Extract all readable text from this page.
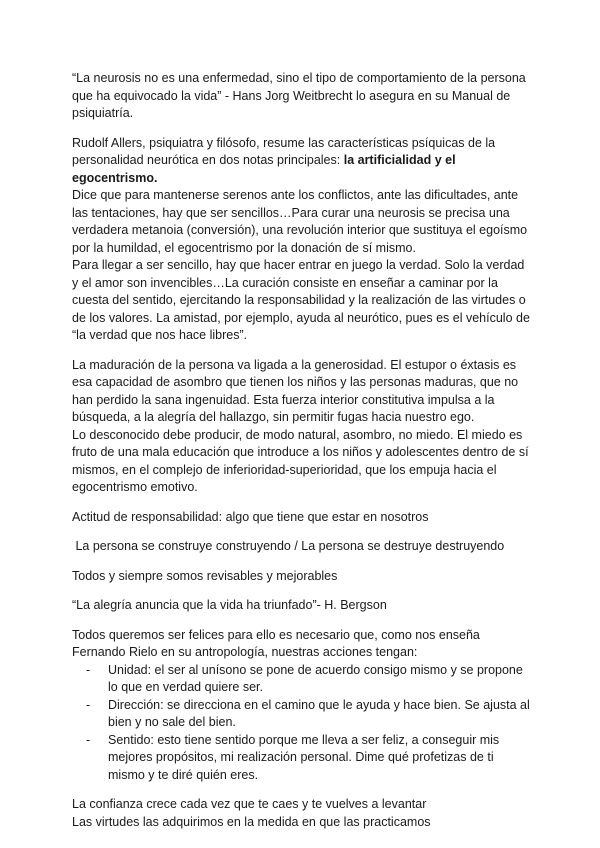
“La neurosis no es una enfermedad, sino el tipo de comportamiento de la persona que ha equivocado la vida” - Hans Jorg Weitbrecht lo asegura en su Manual de psiquiatría.

Rudolf Allers, psiquiatra y filósofo, resume las características psíquicas de la personalidad neurótica en dos notas principales: la artificialidad y el egocentrismo.

Dice que para mantenerse serenos ante los conflictos, ante las dificultades, ante las tentaciones, hay que ser sencillos…Para curar una neurosis se precisa una verdadera metanoia (conversión), una revolución interior que sustituya el egoísmo por la humildad, el egocentrismo por la donación de sí mismo.

Para llegar a ser sencillo, hay que hacer entrar en juego la verdad. Solo la verdad y el amor son invencibles…La curación consiste en enseñar a caminar por la cuesta del sentido, ejercitando la responsabilidad y la realización de las virtudes o de los valores. La amistad, por ejemplo, ayuda al neurótico, pues es el vehículo de “la verdad que nos hace libres”.

La maduración de la persona va ligada a la generosidad. El estupor o éxtasis es esa capacidad de asombro que tienen los niños y las personas maduras, que no han perdido la sana ingenuidad. Esta fuerza interior constitutiva impulsa a la búsqueda, a la alegría del hallazgo, sin permitir fugas hacia nuestro ego.

Lo desconocido debe producir, de modo natural, asombro, no miedo. El miedo es fruto de una mala educación que introduce a los niños y adolescentes dentro de sí mismos, en el complejo de inferioridad-superioridad, que los empuja hacia el egocentrismo emotivo.

Actitud de responsabilidad: algo que tiene que estar en nosotros

La persona se construye construyendo / La persona se destruye destruyendo

Todos y siempre somos revisables y mejorables

“La alegría anuncia que la vida ha triunfado”- H. Bergson

Todos queremos ser felices para ello es necesario que, como nos enseña Fernando Rielo en su antropología, nuestras acciones tengan:

- Unidad: el ser al unísono se pone de acuerdo consigo mismo y se propone lo que en verdad quiere ser.
- Dirección: se direcciona en el camino que le ayuda y hace bien. Se ajusta al bien y no sale del bien.
- Sentido: esto tiene sentido porque me lleva a ser feliz, a conseguir mis mejores propósitos, mi realización personal. Dime qué profetizas de ti mismo y te diré quién eres.

La confianza crece cada vez que te caes y te vuelves a levantar

Las virtudes las adquirimos en la medida en que las practicamos
